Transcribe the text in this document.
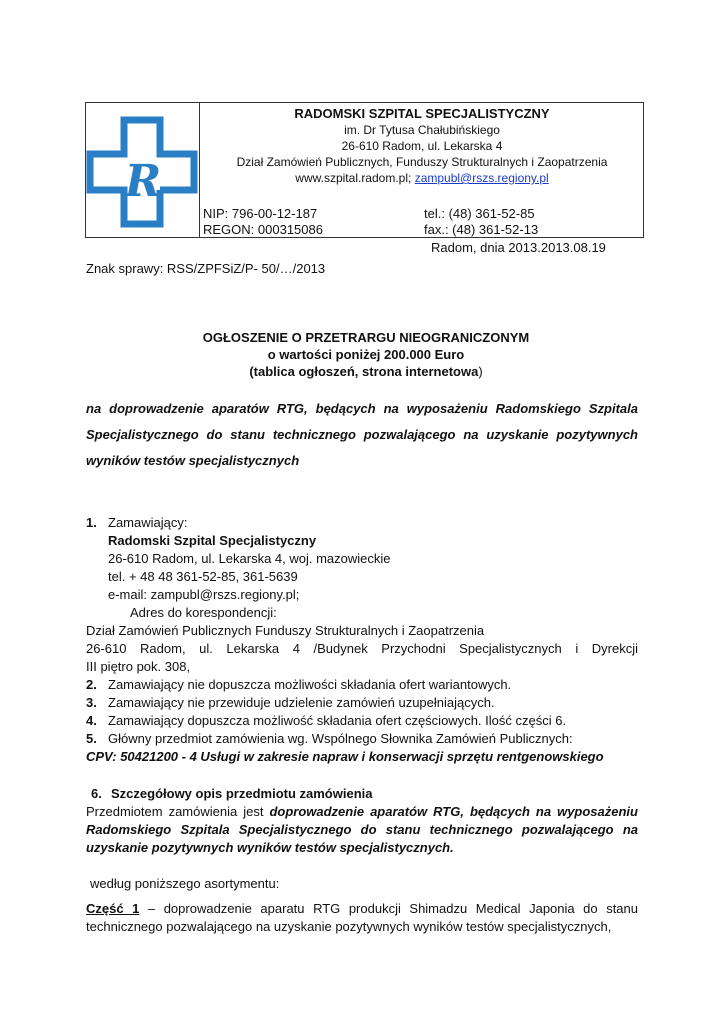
R
RADOMSKI SZPITAL SPECJALISTYCZNY
im. Dr Tytusa Chałubińskiego
26-610 Radom, ul. Lekarska 4
Dział Zamówień Publicznych, Funduszy Strukturalnych i Zaopatrzenia
www.szpital.radom.pl; zampubl@rszs.regiony.pl
NIP: 796-00-12-187
REGON: 000315086
tel.: (48) 361-52-85
fax.: (48) 361-52-13
Radom, dnia 2013.2013.08.19
Znak sprawy: RSS/ZPFSiZ/P- 50/…/2013
OGŁOSZENIE O PRZETRARGU NIEOGRANICZONYM
o wartości poniżej 200.000 Euro
(tablica ogłoszeń, strona internetowa)
na doprowadzenie aparatów RTG, będących na wyposażeniu Radomskiego Szpitala
Specjalistycznego do stanu technicznego pozwalającego na uzyskanie pozytywnych
wyników testów specjalistycznych
1. Zamawiający:
Radomski Szpital Specjalistyczny
26-610 Radom, ul. Lekarska 4, woj. mazowieckie
tel. + 48 48 361-52-85, 361-5639
e-mail: zampubl@rszs.regiony.pl;
Adres do korespondencji:
Dział Zamówień Publicznych Funduszy Strukturalnych i Zaopatrzenia
26-610 Radom, ul. Lekarska 4 /Budynek Przychodni Specjalistycznych i Dyrekcji
III piętro pok. 308,
2. Zamawiający nie dopuszcza możliwości składania ofert wariantowych.
3. Zamawiający nie przewiduje udzielenie zamówień uzupełniających.
4. Zamawiający dopuszcza możliwość składania ofert częściowych. Ilość części 6.
5. Główny przedmiot zamówienia wg. Wspólnego Słownika Zamówień Publicznych:
CPV: 50421200 - 4 Usługi w zakresie napraw i konserwacji sprzętu rentgenowskiego
6. Szczegółowy opis przedmiotu zamówienia
Przedmiotem zamówienia jest doprowadzenie aparatów RTG, będących na wyposażeniu
Radomskiego Szpitala Specjalistycznego do stanu technicznego pozwalającego na
uzyskanie pozytywnych wyników testów specjalistycznych.
według poniższego asortymentu:
Część 1 – doprowadzenie aparatu RTG produkcji Shimadzu Medical Japonia do stanu
technicznego pozwalającego na uzyskanie pozytywnych wyników testów specjalistycznych,
